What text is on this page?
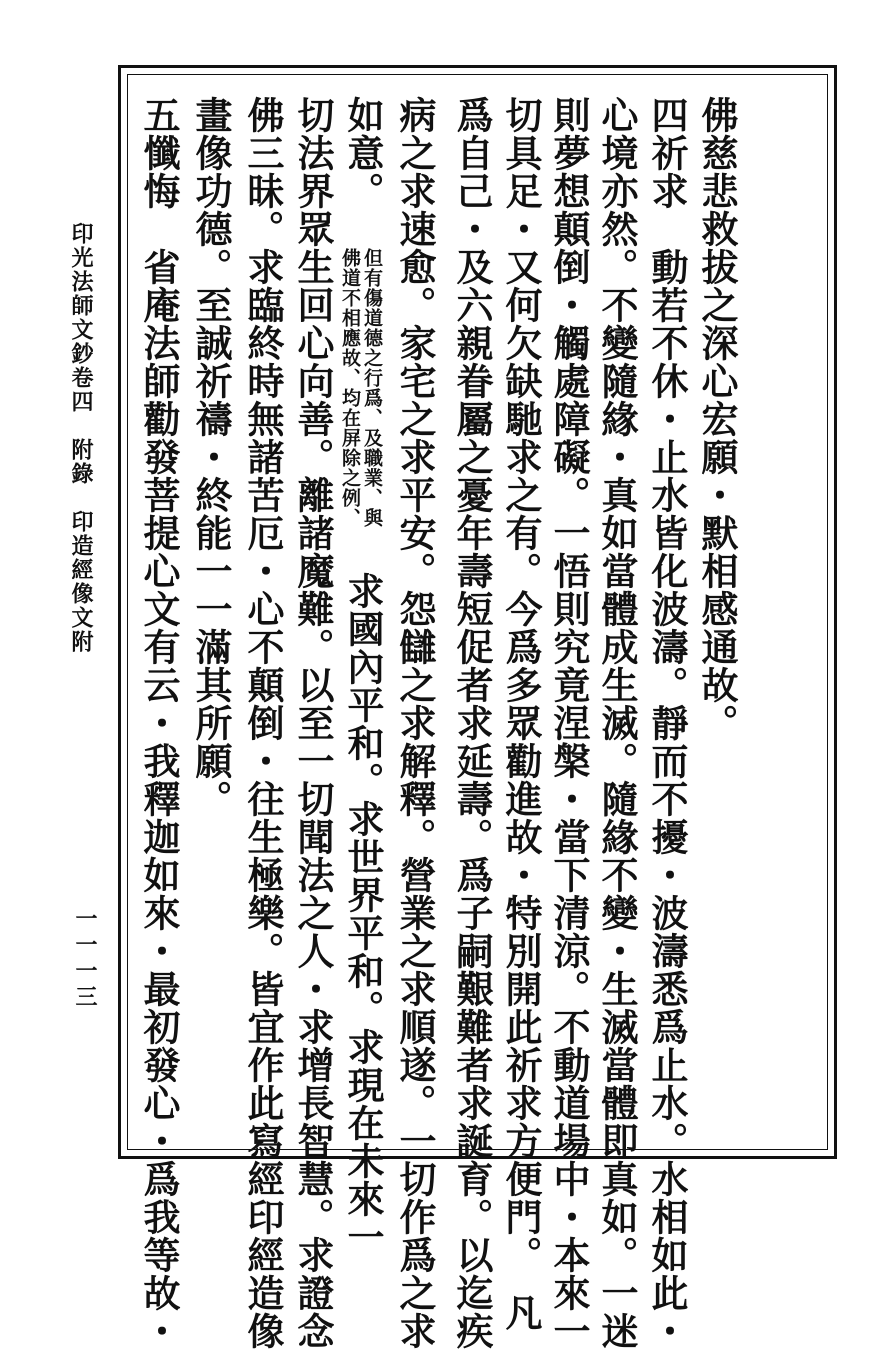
印光法師文鈔卷四　附錄　印造經像文附
一一一三
佛慈悲救拔之深心宏願・默相感通故。
四祈求　動若不休・止水皆化波濤。靜而不擾・波濤悉爲止水。水相如此・
心境亦然。不變隨緣・真如當體成生滅。隨緣不變・生滅當體即真如。一迷
則夢想顛倒・觸處障礙。一悟則究竟涅槃・當下清涼。不動道場中・本來一
切具足・又何欠缺馳求之有。今爲多眾勸進故・特別開此祈求方便門。　凡
爲自己・及六親眷屬之憂年壽短促者求延壽。爲子嗣艱難者求誕育。以迄疾
病之求速愈。家宅之求平安。怨讎之求解釋。營業之求順遂。一切作爲之求
如意。
但有傷道德之行爲、及職業、與
佛道不相應故、均在屏除之例、
求國內平和。求世界平和。求現在未來一
切法界眾生回心向善。離諸魔難。以至一切聞法之人・求增長智慧。求證念
佛三昧。求臨終時無諸苦厄・心不顛倒・往生極樂。皆宜作此寫經印經造像
畫像功德。至誠祈禱・終能一一滿其所願。
五懺悔　省庵法師勸發菩提心文有云・我釋迦如來・最初發心・爲我等故・
